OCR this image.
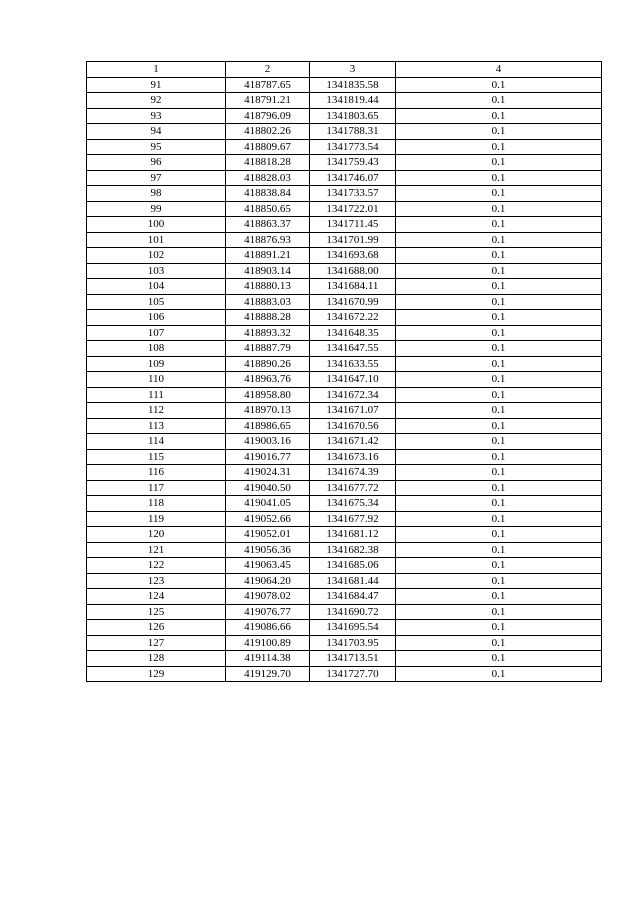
1	2	3	4
91	418787.65	1341835.58	0.1
92	418791.21	1341819.44	0.1
93	418796.09	1341803.65	0.1
94	418802.26	1341788.31	0.1
95	418809.67	1341773.54	0.1
96	418818.28	1341759.43	0.1
97	418828.03	1341746.07	0.1
98	418838.84	1341733.57	0.1
99	418850.65	1341722.01	0.1
100	418863.37	1341711.45	0.1
101	418876.93	1341701.99	0.1
102	418891.21	1341693.68	0.1
103	418903.14	1341688.00	0.1
104	418880.13	1341684.11	0.1
105	418883.03	1341670.99	0.1
106	418888.28	1341672.22	0.1
107	418893.32	1341648.35	0.1
108	418887.79	1341647.55	0.1
109	418890.26	1341633.55	0.1
110	418963.76	1341647.10	0.1
111	418958.80	1341672.34	0.1
112	418970.13	1341671.07	0.1
113	418986.65	1341670.56	0.1
114	419003.16	1341671.42	0.1
115	419016.77	1341673.16	0.1
116	419024.31	1341674.39	0.1
117	419040.50	1341677.72	0.1
118	419041.05	1341675.34	0.1
119	419052.66	1341677.92	0.1
120	419052.01	1341681.12	0.1
121	419056.36	1341682.38	0.1
122	419063.45	1341685.06	0.1
123	419064.20	1341681.44	0.1
124	419078.02	1341684.47	0.1
125	419076.77	1341690.72	0.1
126	419086.66	1341695.54	0.1
127	419100.89	1341703.95	0.1
128	419114.38	1341713.51	0.1
129	419129.70	1341727.70	0.1
